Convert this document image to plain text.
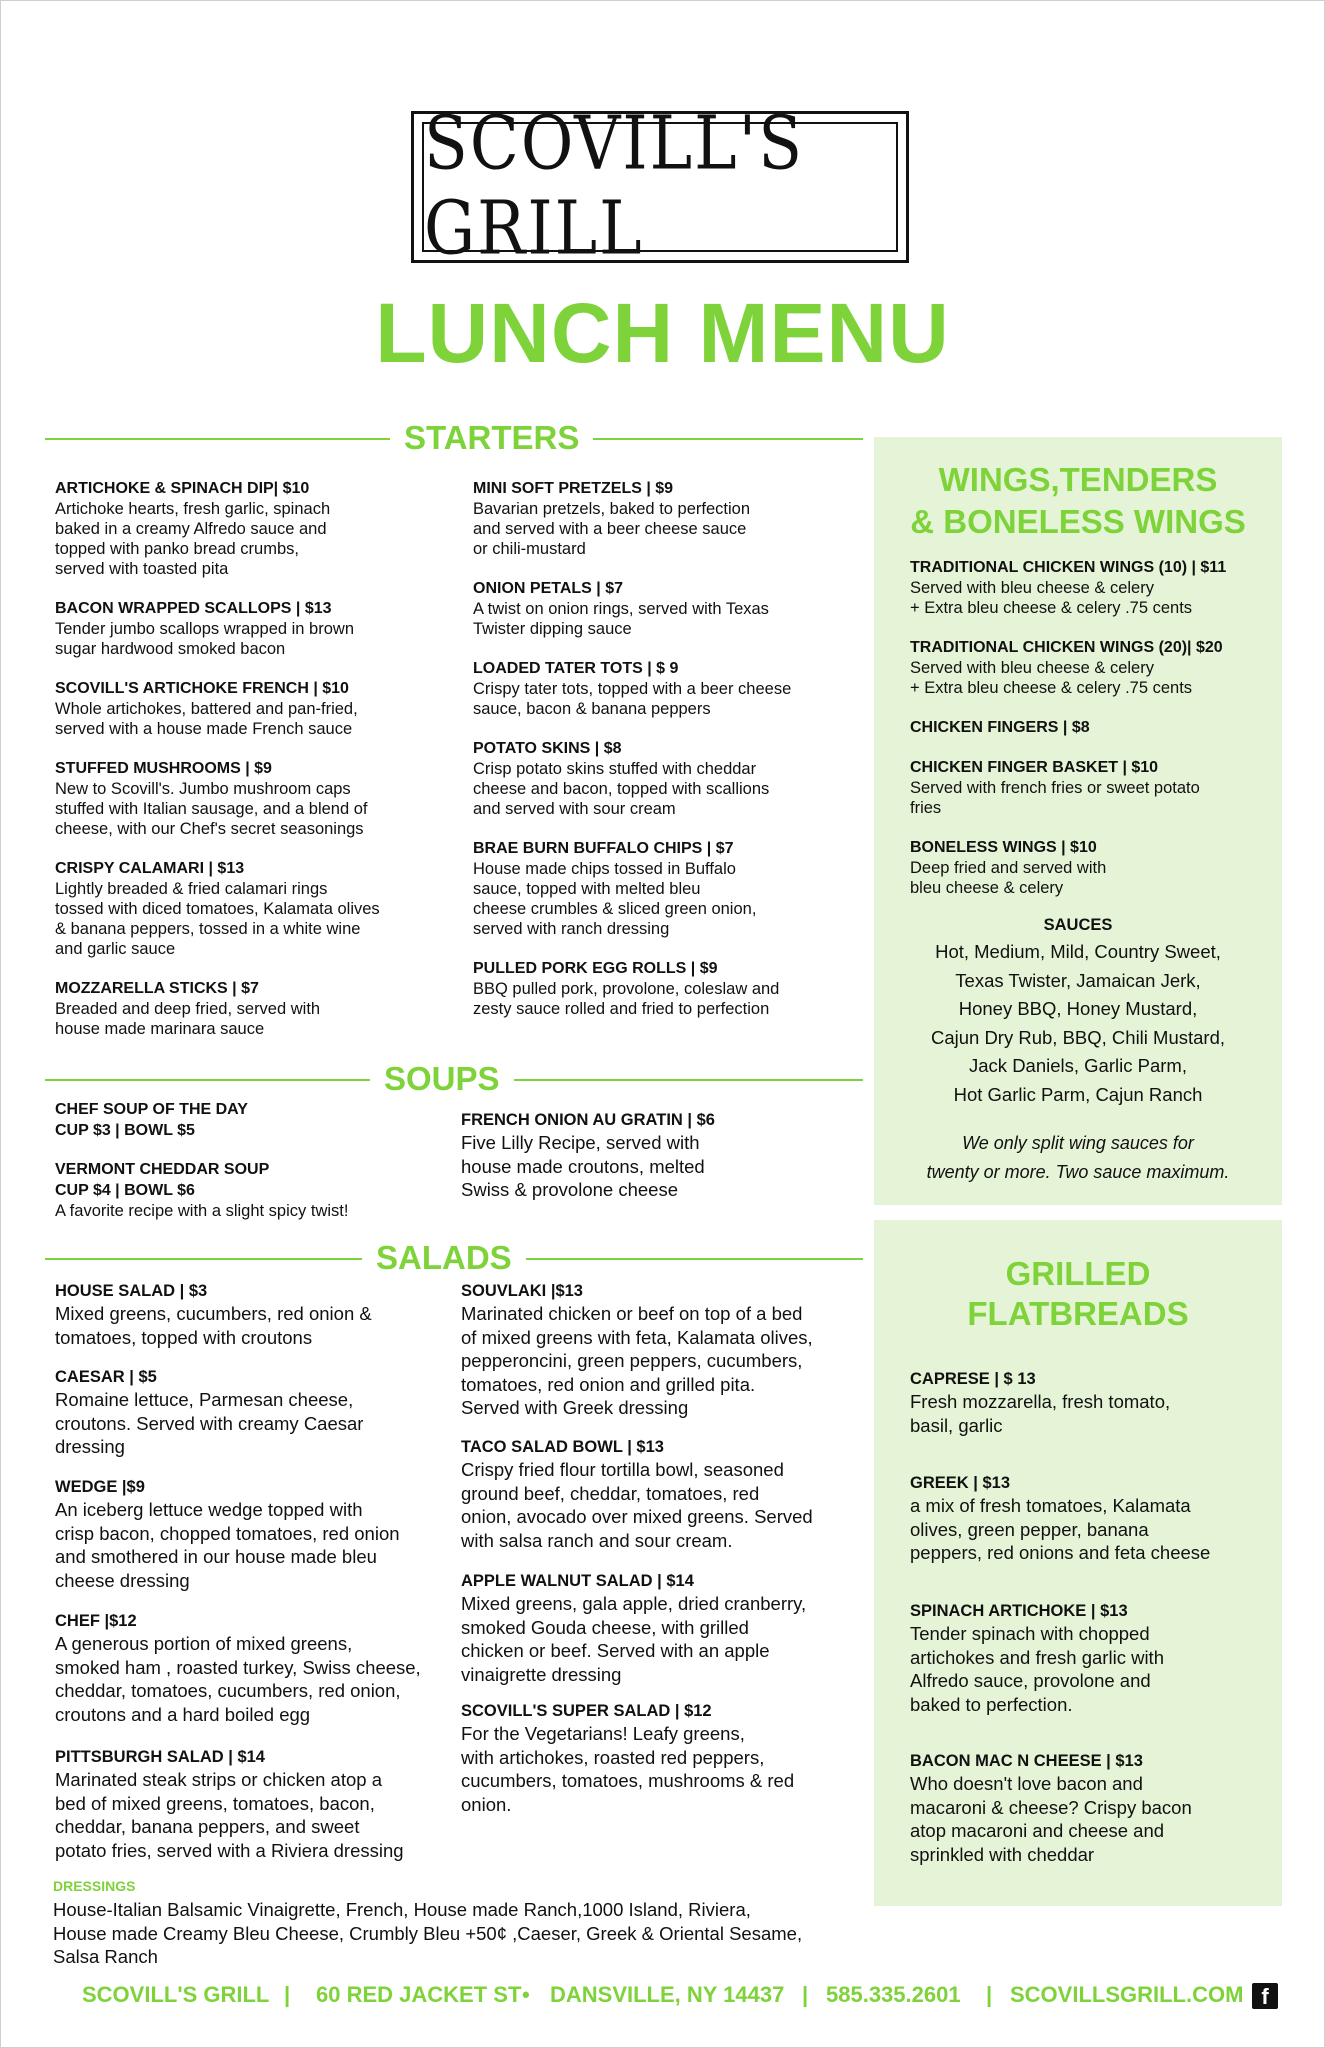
SCOVILL'S GRILL
LUNCH MENU
STARTERS
ARTICHOKE & SPINACH DIP| $10
Artichoke hearts, fresh garlic, spinach
baked in a creamy Alfredo sauce and
topped with panko bread crumbs,
served with toasted pita
BACON WRAPPED SCALLOPS | $13
Tender jumbo scallops wrapped in brown
sugar hardwood smoked bacon
SCOVILL'S ARTICHOKE FRENCH | $10
Whole artichokes, battered and pan-fried,
served with a house made French sauce
STUFFED MUSHROOMS | $9
New to Scovill's. Jumbo mushroom caps
stuffed with Italian sausage, and a blend of
cheese, with our Chef's secret seasonings
CRISPY CALAMARI | $13
Lightly breaded & fried calamari rings
tossed with diced tomatoes, Kalamata olives
& banana peppers, tossed in a white wine
and garlic sauce
MOZZARELLA STICKS | $7
Breaded and deep fried, served with
house made marinara sauce
MINI SOFT PRETZELS | $9
Bavarian pretzels, baked to perfection
and served with a beer cheese sauce
or chili-mustard
ONION PETALS | $7
A twist on onion rings, served with Texas
Twister dipping sauce
LOADED TATER TOTS | $ 9
Crispy tater tots, topped with a beer cheese
sauce, bacon & banana peppers
POTATO SKINS | $8
Crisp potato skins stuffed with cheddar
cheese and bacon, topped with scallions
and served with sour cream
BRAE BURN BUFFALO CHIPS | $7
House made chips tossed in Buffalo
sauce, topped with melted bleu
cheese crumbles & sliced green onion,
served with ranch dressing
PULLED PORK EGG ROLLS | $9
BBQ pulled pork, provolone, coleslaw and
zesty sauce rolled and fried to perfection
SOUPS
CHEF SOUP OF THE DAY
CUP $3 | BOWL $5
VERMONT CHEDDAR SOUP
CUP $4 | BOWL $6
A favorite recipe with a slight spicy twist!
FRENCH ONION AU GRATIN | $6
Five Lilly Recipe, served with
house made croutons, melted
Swiss & provolone cheese
SALADS
HOUSE SALAD | $3
Mixed greens, cucumbers, red onion &
tomatoes, topped with croutons
CAESAR | $5
Romaine lettuce, Parmesan cheese,
croutons. Served with creamy Caesar
dressing
WEDGE |$9
An iceberg lettuce wedge topped with
crisp bacon, chopped tomatoes, red onion
and smothered in our house made bleu
cheese dressing
CHEF |$12
A generous portion of mixed greens,
smoked ham , roasted turkey, Swiss cheese,
cheddar, tomatoes, cucumbers, red onion,
croutons and a hard boiled egg
PITTSBURGH SALAD | $14
Marinated steak strips or chicken atop a
bed of mixed greens, tomatoes, bacon,
cheddar, banana peppers, and sweet
potato fries, served with a Riviera dressing
SOUVLAKI |$13
Marinated chicken or beef on top of a bed
of mixed greens with feta, Kalamata olives,
pepperoncini, green peppers, cucumbers,
tomatoes, red onion and grilled pita.
Served with Greek dressing
TACO SALAD BOWL | $13
Crispy fried flour tortilla bowl, seasoned
ground beef, cheddar, tomatoes, red
onion, avocado over mixed greens. Served
with salsa ranch and sour cream.
APPLE WALNUT SALAD | $14
Mixed greens, gala apple, dried cranberry,
smoked Gouda cheese, with grilled
chicken or beef. Served with an apple
vinaigrette dressing
SCOVILL'S SUPER SALAD | $12
For the Vegetarians! Leafy greens,
with artichokes, roasted red peppers,
cucumbers, tomatoes, mushrooms & red
onion.
DRESSINGS
House-Italian Balsamic Vinaigrette, French, House made Ranch,1000 Island, Riviera,
House made Creamy Bleu Cheese, Crumbly Bleu +50¢ ,Caeser, Greek & Oriental Sesame,
Salsa Ranch
WINGS,TENDERS
& BONELESS WINGS
TRADITIONAL CHICKEN WINGS (10) | $11
Served with bleu cheese & celery
+ Extra bleu cheese & celery .75 cents
TRADITIONAL CHICKEN WINGS (20)| $20
Served with bleu cheese & celery
+ Extra bleu cheese & celery .75 cents
CHICKEN FINGERS | $8
CHICKEN FINGER BASKET | $10
Served with french fries or sweet potato
fries
BONELESS WINGS | $10
Deep fried and served with
bleu cheese & celery
SAUCES
Hot, Medium, Mild, Country Sweet,
Texas Twister, Jamaican Jerk,
Honey BBQ, Honey Mustard,
Cajun Dry Rub, BBQ, Chili Mustard,
Jack Daniels, Garlic Parm,
Hot Garlic Parm, Cajun Ranch
We only split wing sauces for
twenty or more. Two sauce maximum.
GRILLED
FLATBREADS
CAPRESE | $ 13
Fresh mozzarella, fresh tomato,
basil, garlic
GREEK | $13
a mix of fresh tomatoes, Kalamata
olives, green pepper, banana
peppers, red onions and feta cheese
SPINACH ARTICHOKE | $13
Tender spinach with chopped
artichokes and fresh garlic with
Alfredo sauce, provolone and
baked to perfection.
BACON MAC N CHEESE | $13
Who doesn't love bacon and
macaroni & cheese? Crispy bacon
atop macaroni and cheese and
sprinkled with cheddar
SCOVILL'S GRILL | 60 RED JACKET ST • DANSVILLE, NY 14437 | 585.335.2601 | SCOVILLSGRILL.COM f
